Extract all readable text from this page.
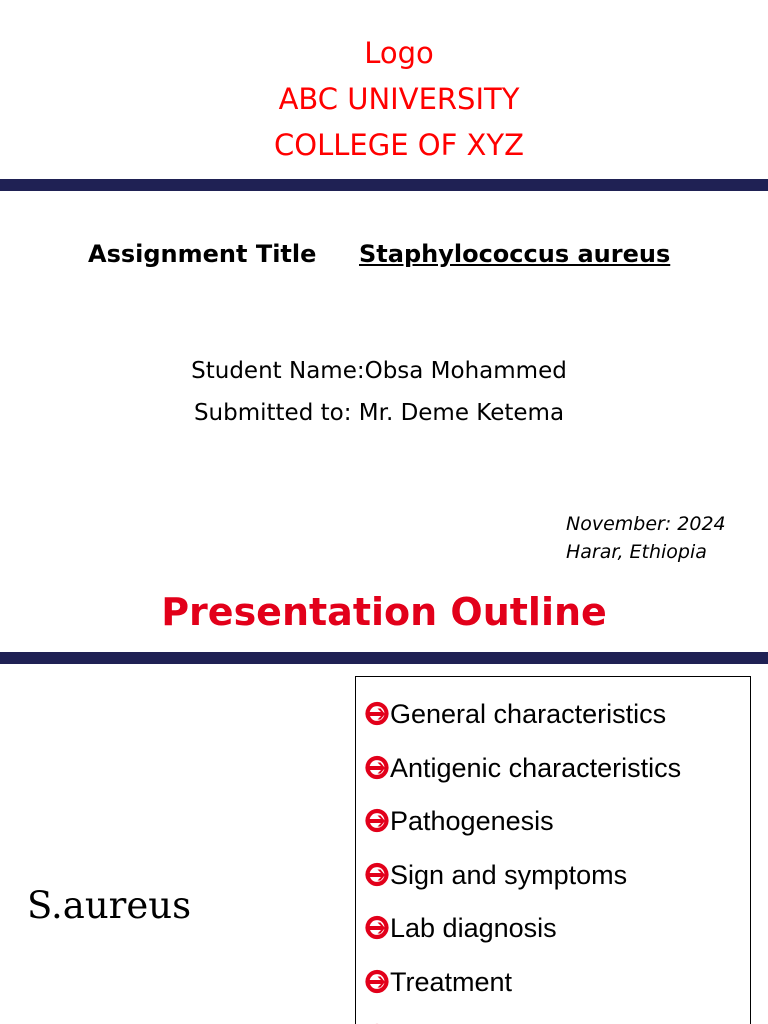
Logo
ABC UNIVERSITY
COLLEGE OF XYZ
Assignment Title Staphylococcus aureus
Student Name:Obsa Mohammed
Submitted to: Mr. Deme Ketema
November: 2024
Harar, Ethiopia
Presentation Outline
S.aureus
General characteristics
Antigenic characteristics
Pathogenesis
Sign and symptoms
Lab diagnosis
Treatment
